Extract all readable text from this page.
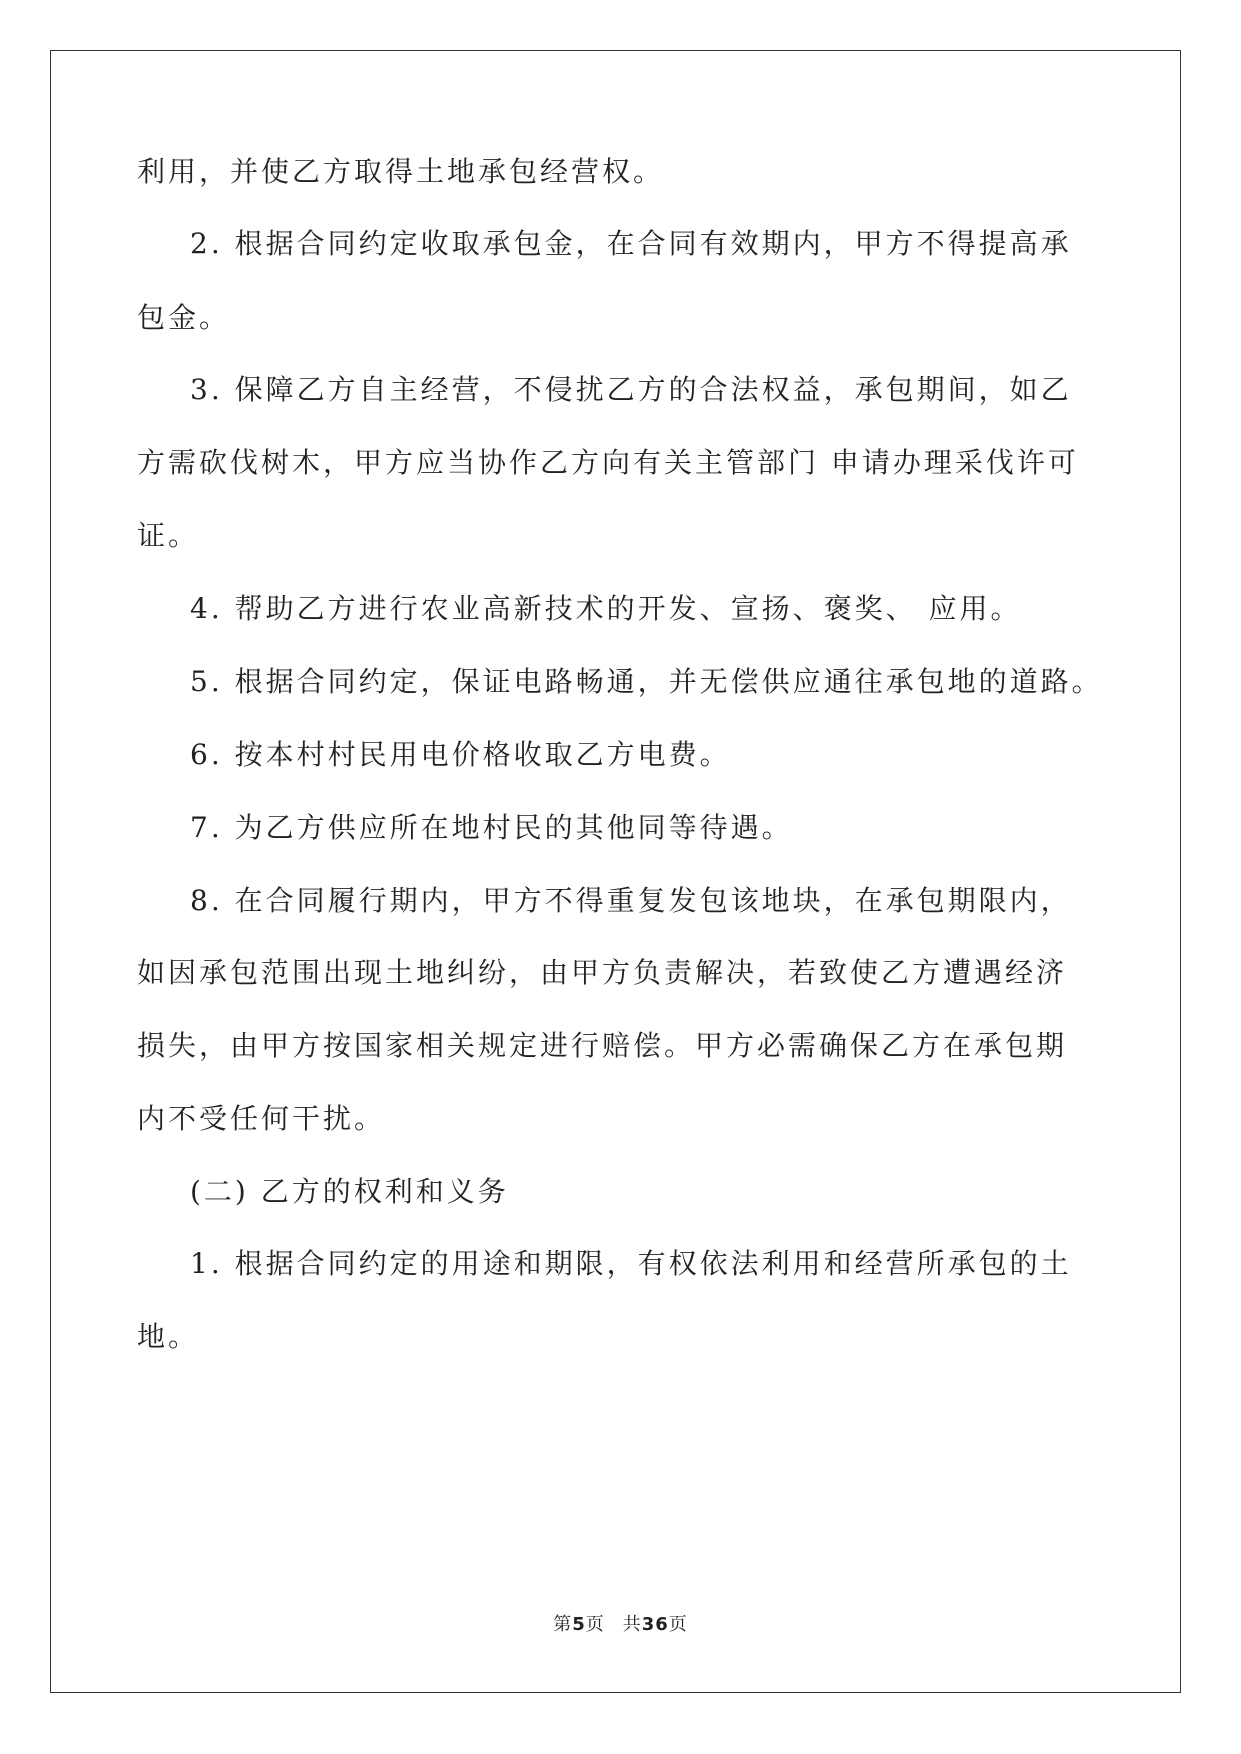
利用，并使乙方取得土地承包经营权。
2. 根据合同约定收取承包金，在合同有效期内，甲方不得提高承
包金。
3. 保障乙方自主经营，不侵扰乙方的合法权益，承包期间，如乙
方需砍伐树木，甲方应当协作乙方向有关主管部门 申请办理采伐许可
证。
4. 帮助乙方进行农业高新技术的开发、宣扬、褒奖、 应用。
5. 根据合同约定，保证电路畅通，并无偿供应通往承包地的道路。
6. 按本村村民用电价格收取乙方电费。
7. 为乙方供应所在地村民的其他同等待遇。
8. 在合同履行期内，甲方不得重复发包该地块，在承包期限内，
如因承包范围出现土地纠纷，由甲方负责解决，若致使乙方遭遇经济
损失，由甲方按国家相关规定进行赔偿。甲方必需确保乙方在承包期
内不受任何干扰。
(二) 乙方的权利和义务
1. 根据合同约定的用途和期限，有权依法利用和经营所承包的土
地。
第5页 共36页
